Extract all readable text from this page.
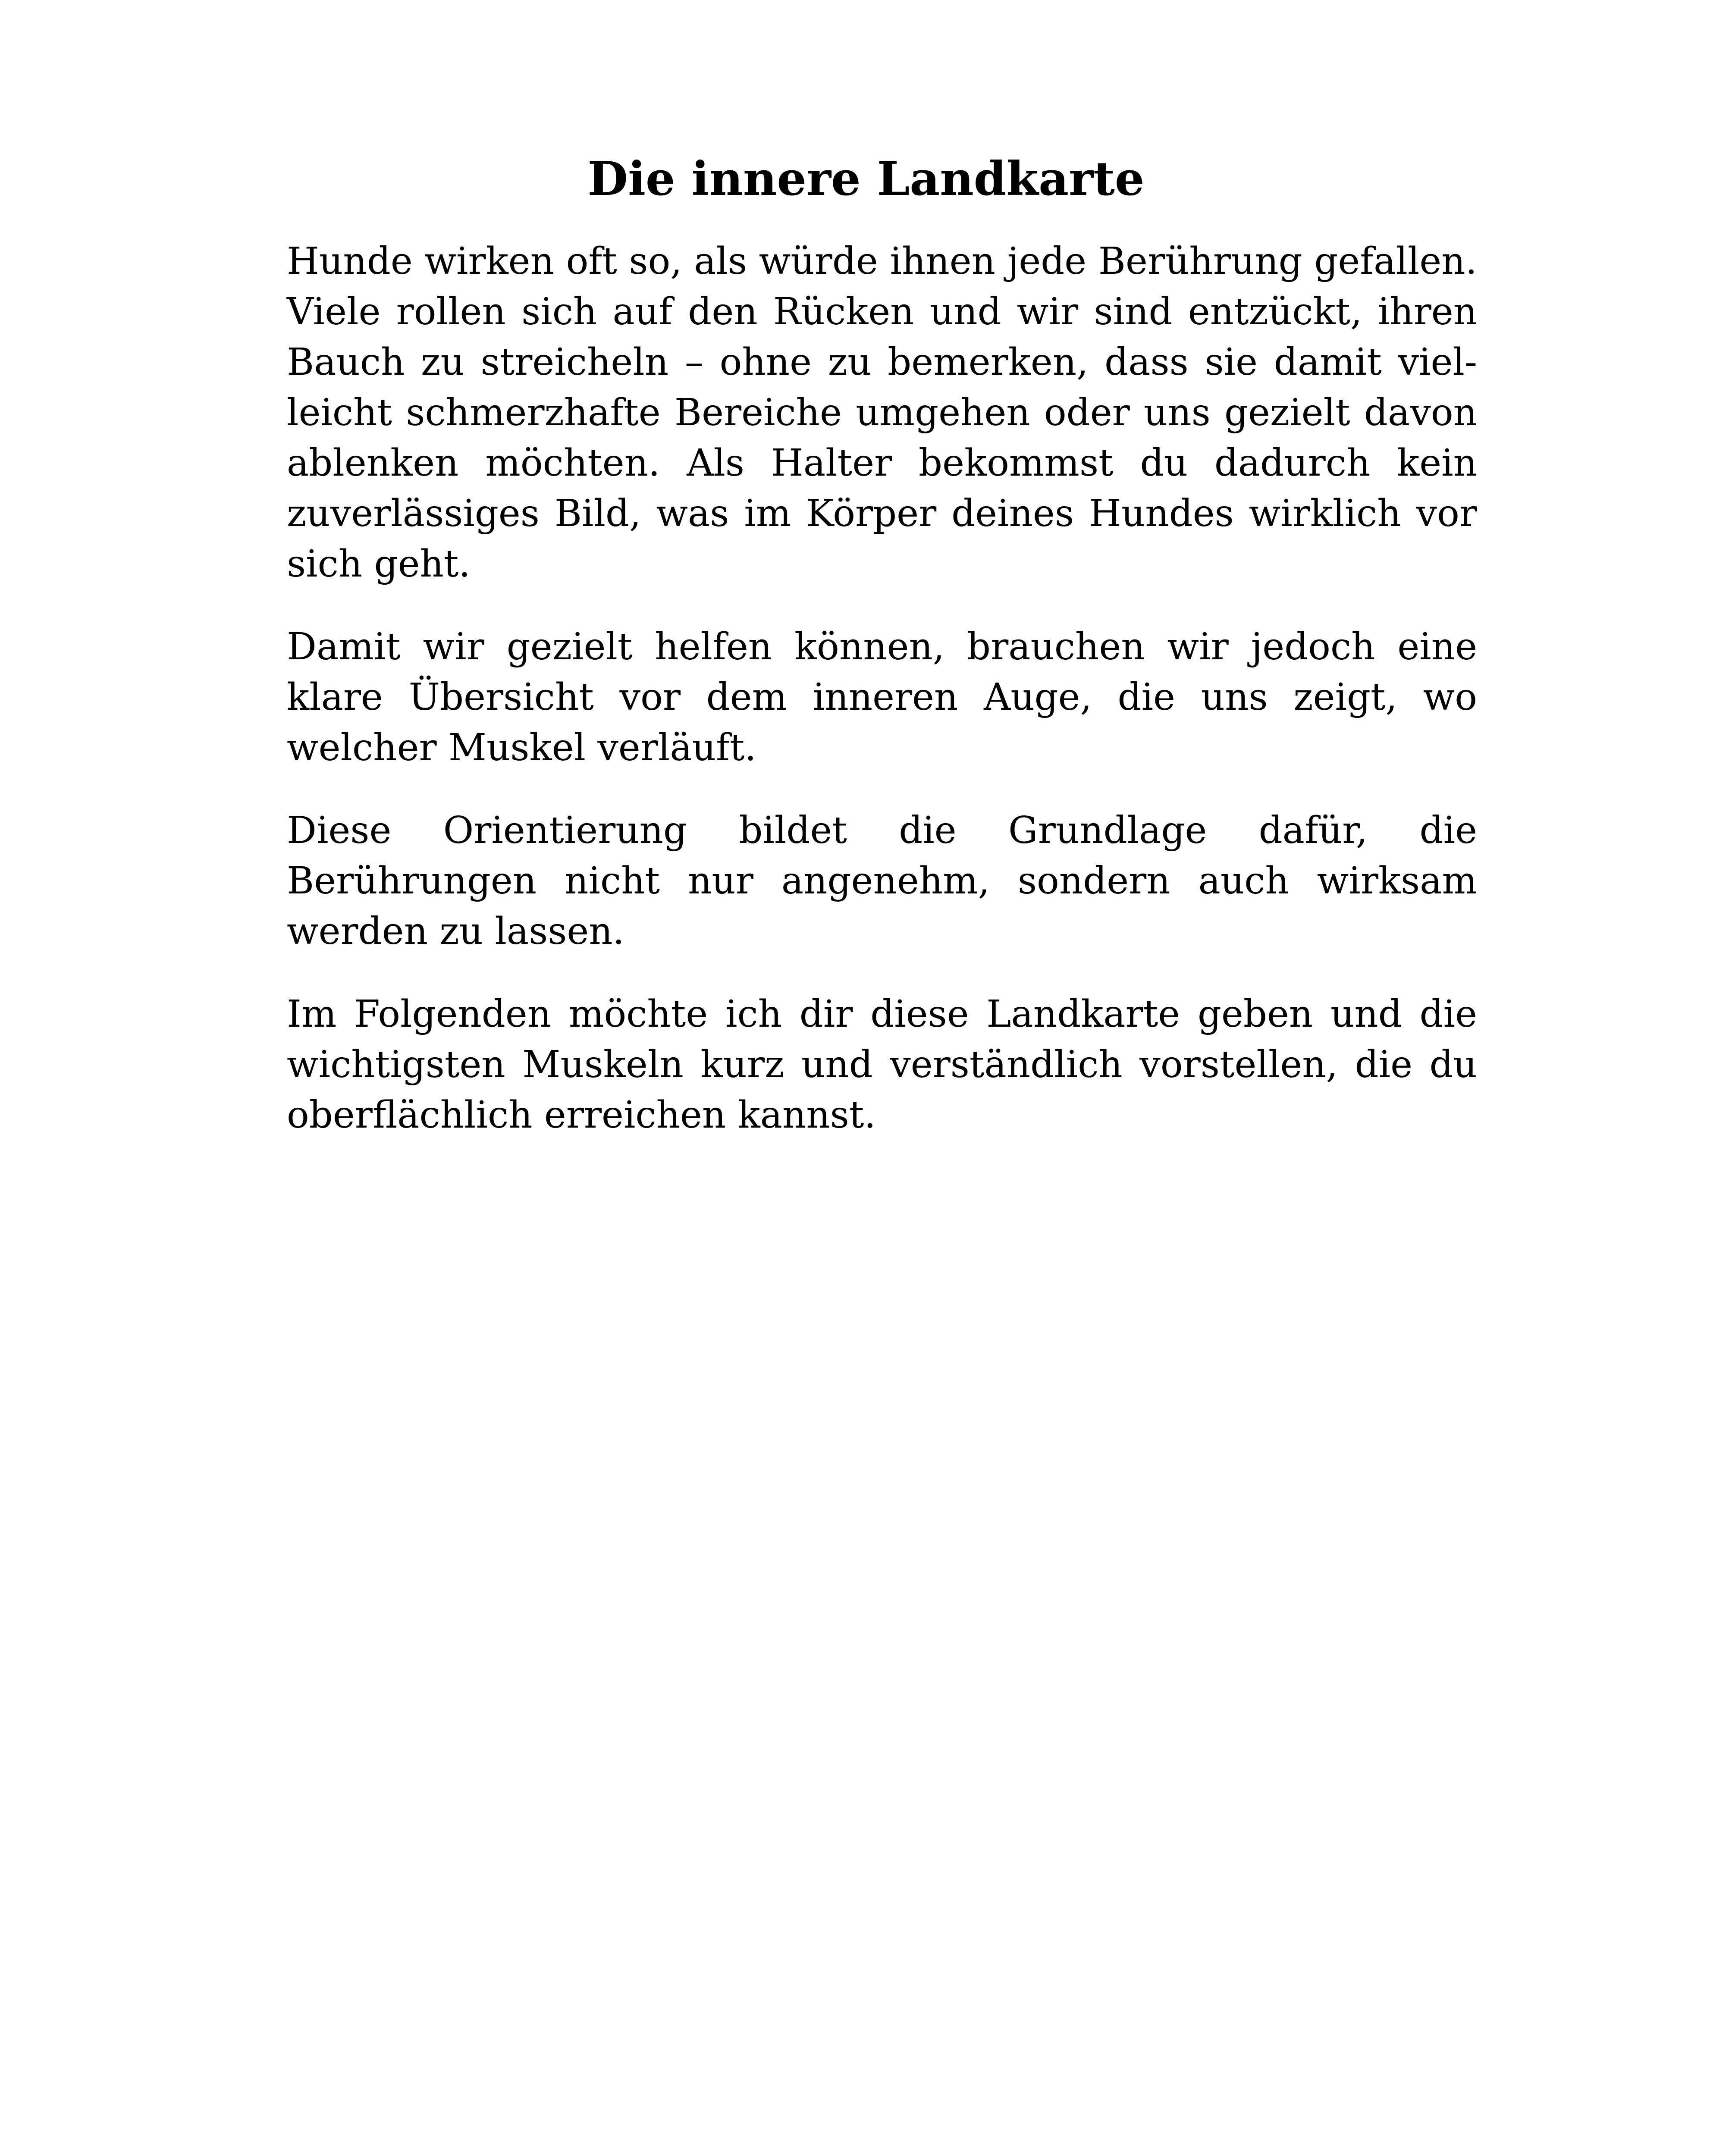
Die innere Landkarte

Hunde wirken oft so, als würde ihnen jede Berührung gefallen. Viele rollen sich auf den Rücken und wir sind entzückt, ihren Bauch zu streicheln – ohne zu bemerken, dass sie damit vielleicht schmerzhafte Bereiche umgehen oder uns gezielt davon ablenken möchten. Als Halter bekommst du dadurch kein zuverlässiges Bild, was im Körper deines Hundes wirklich vor sich geht.

Damit wir gezielt helfen können, brauchen wir jedoch eine klare Übersicht vor dem inneren Auge, die uns zeigt, wo welcher Muskel verläuft.

Diese Orientierung bildet die Grundlage dafür, die Berührungen nicht nur angenehm, sondern auch wirksam werden zu lassen.

Im Folgenden möchte ich dir diese Landkarte geben und die wichtigsten Muskeln kurz und verständlich vorstellen, die du oberflächlich erreichen kannst.
